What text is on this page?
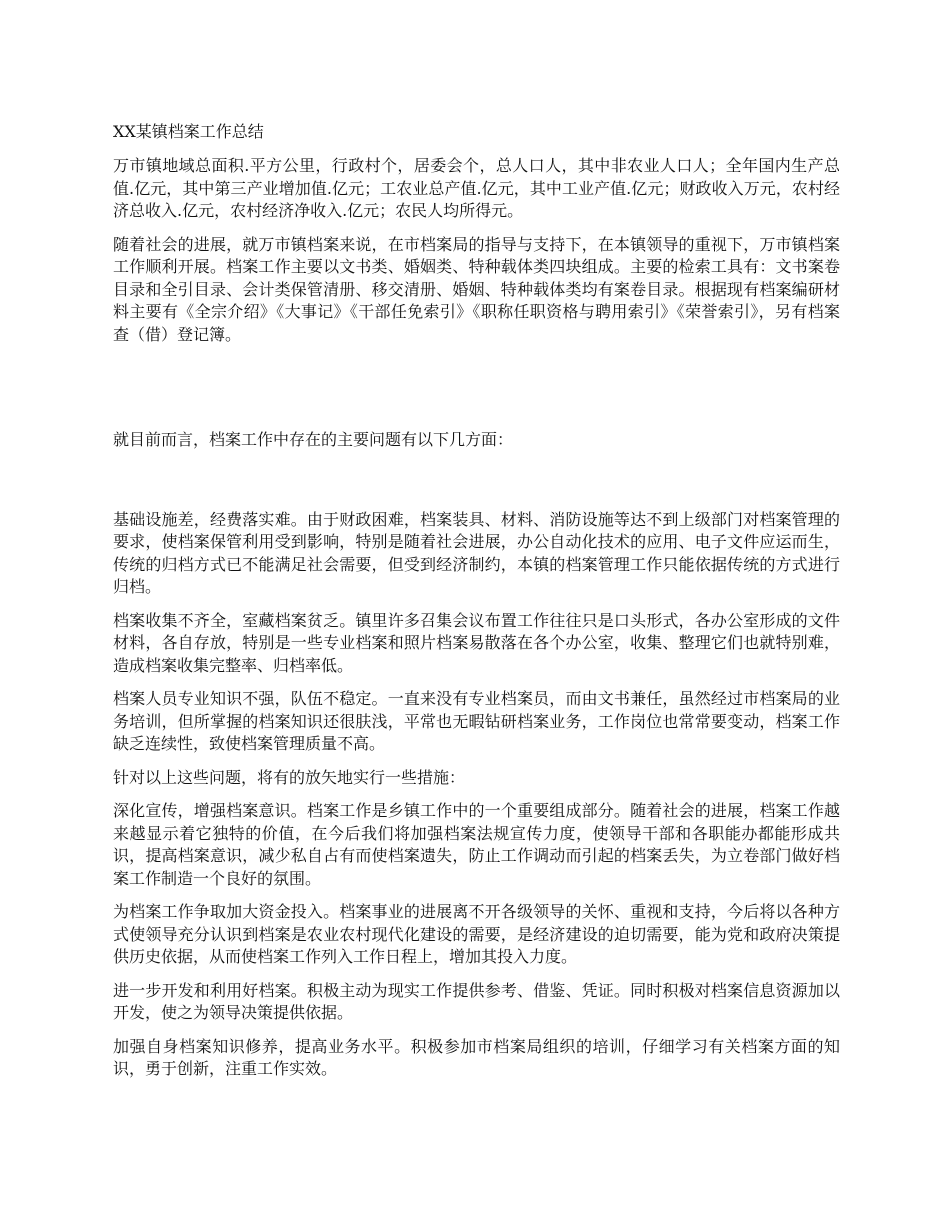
XX某镇档案工作总结

万市镇地域总面积.平方公里，行政村个，居委会个，总人口人，其中非农业人口人；全年国内生产总值.亿元，其中第三产业增加值.亿元；工农业总产值.亿元，其中工业产值.亿元；财政收入万元，农村经济总收入.亿元，农村经济净收入.亿元；农民人均所得元。

随着社会的进展，就万市镇档案来说，在市档案局的指导与支持下，在本镇领导的重视下，万市镇档案工作顺利开展。档案工作主要以文书类、婚姻类、特种载体类四块组成。主要的检索工具有：文书案卷目录和全引目录、会计类保管清册、移交清册、婚姻、特种载体类均有案卷目录。根据现有档案编研材料主要有《全宗介绍》《大事记》《干部任免索引》《职称任职资格与聘用索引》《荣誉索引》，另有档案查（借）登记簿。

就目前而言，档案工作中存在的主要问题有以下几方面：

基础设施差，经费落实难。由于财政困难，档案装具、材料、消防设施等达不到上级部门对档案管理的要求，使档案保管利用受到影响，特别是随着社会进展，办公自动化技术的应用、电子文件应运而生，传统的归档方式已不能满足社会需要，但受到经济制约，本镇的档案管理工作只能依据传统的方式进行归档。

档案收集不齐全，室藏档案贫乏。镇里许多召集会议布置工作往往只是口头形式，各办公室形成的文件材料，各自存放，特别是一些专业档案和照片档案易散落在各个办公室，收集、整理它们也就特别难，造成档案收集完整率、归档率低。

档案人员专业知识不强，队伍不稳定。一直来没有专业档案员，而由文书兼任，虽然经过市档案局的业务培训，但所掌握的档案知识还很肤浅，平常也无暇钻研档案业务，工作岗位也常常要变动，档案工作缺乏连续性，致使档案管理质量不高。

针对以上这些问题，将有的放矢地实行一些措施：

深化宣传，增强档案意识。档案工作是乡镇工作中的一个重要组成部分。随着社会的进展，档案工作越来越显示着它独特的价值，在今后我们将加强档案法规宣传力度，使领导干部和各职能办都能形成共识，提高档案意识，减少私自占有而使档案遗失，防止工作调动而引起的档案丢失，为立卷部门做好档案工作制造一个良好的氛围。

为档案工作争取加大资金投入。档案事业的进展离不开各级领导的关怀、重视和支持，今后将以各种方式使领导充分认识到档案是农业农村现代化建设的需要，是经济建设的迫切需要，能为党和政府决策提供历史依据，从而使档案工作列入工作日程上，增加其投入力度。

进一步开发和利用好档案。积极主动为现实工作提供参考、借鉴、凭证。同时积极对档案信息资源加以开发，使之为领导决策提供依据。

加强自身档案知识修养，提高业务水平。积极参加市档案局组织的培训，仔细学习有关档案方面的知识，勇于创新，注重工作实效。
